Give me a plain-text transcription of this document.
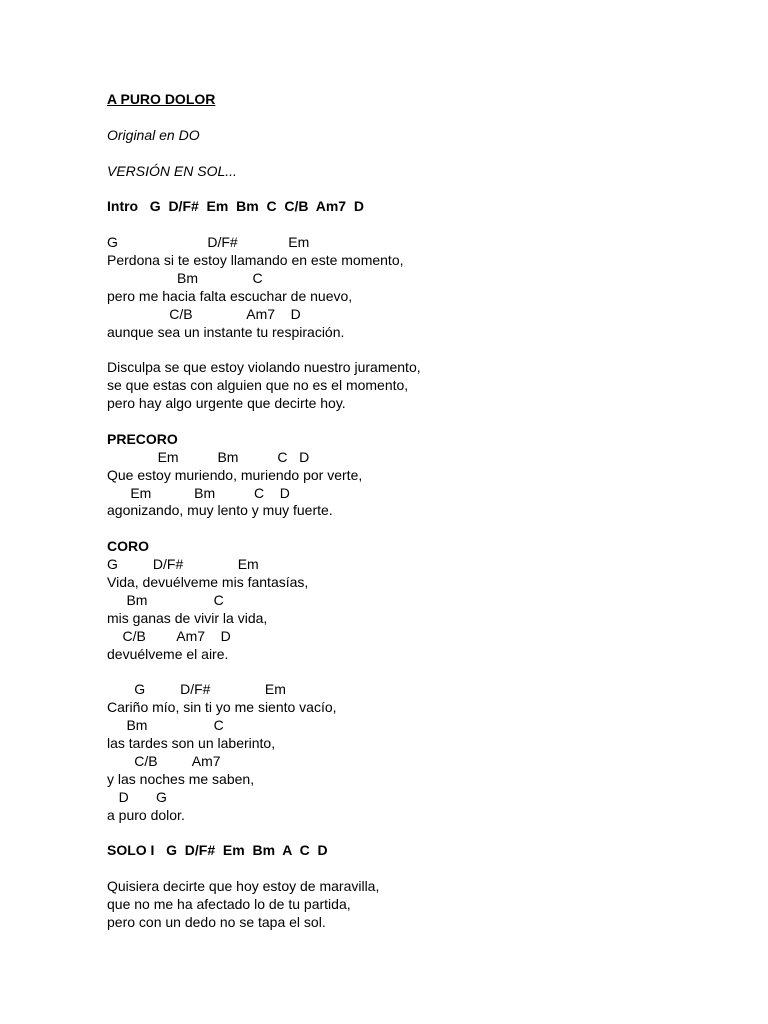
A PURO DOLOR
Original en DO
VERSIÓN EN SOL...
Intro   G  D/F#  Em  Bm  C  C/B  Am7  D
G                       D/F#             Em
Perdona si te estoy llamando en este momento,
Bm              C
pero me hacia falta escuchar de nuevo,
C/B              Am7    D
aunque sea un instante tu respiración.
Disculpa se que estoy violando nuestro juramento,
se que estas con alguien que no es el momento,
pero hay algo urgente que decirte hoy.
PRECORO
Em          Bm          C   D
Que estoy muriendo, muriendo por verte,
Em           Bm          C    D
agonizando, muy lento y muy fuerte.
CORO
G         D/F#              Em
Vida, devuélveme mis fantasías,
Bm                 C
mis ganas de vivir la vida,
C/B        Am7    D
devuélveme el aire.
G         D/F#              Em
Cariño mío, sin ti yo me siento vacío,
Bm                 C
las tardes son un laberinto,
C/B         Am7
y las noches me saben,
D       G
a puro dolor.
SOLO I   G  D/F#  Em  Bm  A  C  D
Quisiera decirte que hoy estoy de maravilla,
que no me ha afectado lo de tu partida,
pero con un dedo no se tapa el sol.
